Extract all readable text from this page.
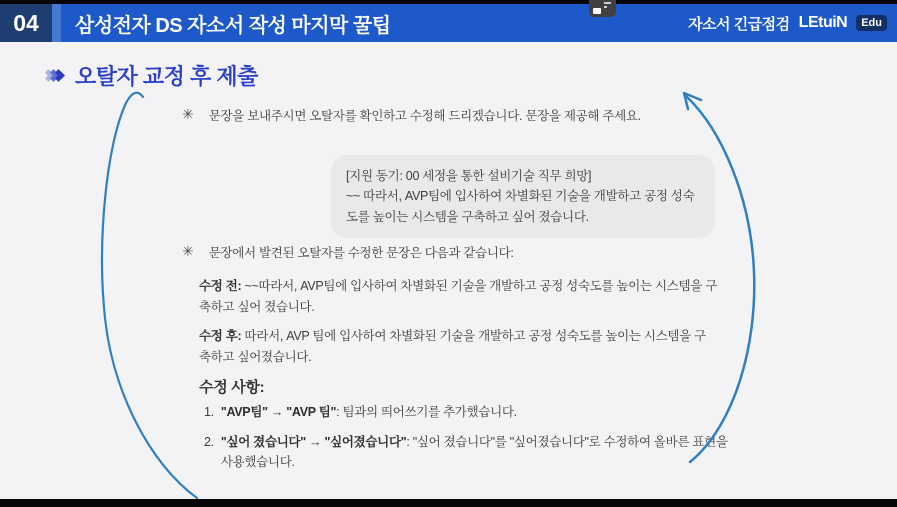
04	삼성전자 DS 자소서 작성 마지막 꿀팁	자소서 긴급점검 LEtuiN	Edu
오탈자 교정 후 제출
✳ 문장을 보내주시면 오탈자를 확인하고 수정해 드리겠습니다. 문장을 제공해 주세요.
[지원 동기: 00 세정을 통한 설비기술 직무 희망]
~~ 따라서, AVP팀에 입사하여 차별화된 기술을 개발하고 공정 성숙도를 높이는 시스템을 구축하고 싶어 졌습니다.
✳ 문장에서 발견된 오탈자를 수정한 문장은 다음과 같습니다:

수정 전: ~~따라서, AVP팀에 입사하여 차별화된 기술을 개발하고 공정 성숙도를 높이는 시스템을 구축하고 싶어 졌습니다.

수정 후: 따라서, AVP 팀에 입사하여 차별화된 기술을 개발하고 공정 성숙도를 높이는 시스템을 구축하고 싶어졌습니다.

수정 사항:
1. "AVP팀" → "AVP 팀": 팀과의 띄어쓰기를 추가했습니다.
2. "싶어 졌습니다" → "싶어졌습니다": "싶어 졌습니다"를 "싶어졌습니다"로 수정하여 올바른 표현을 사용했습니다.
